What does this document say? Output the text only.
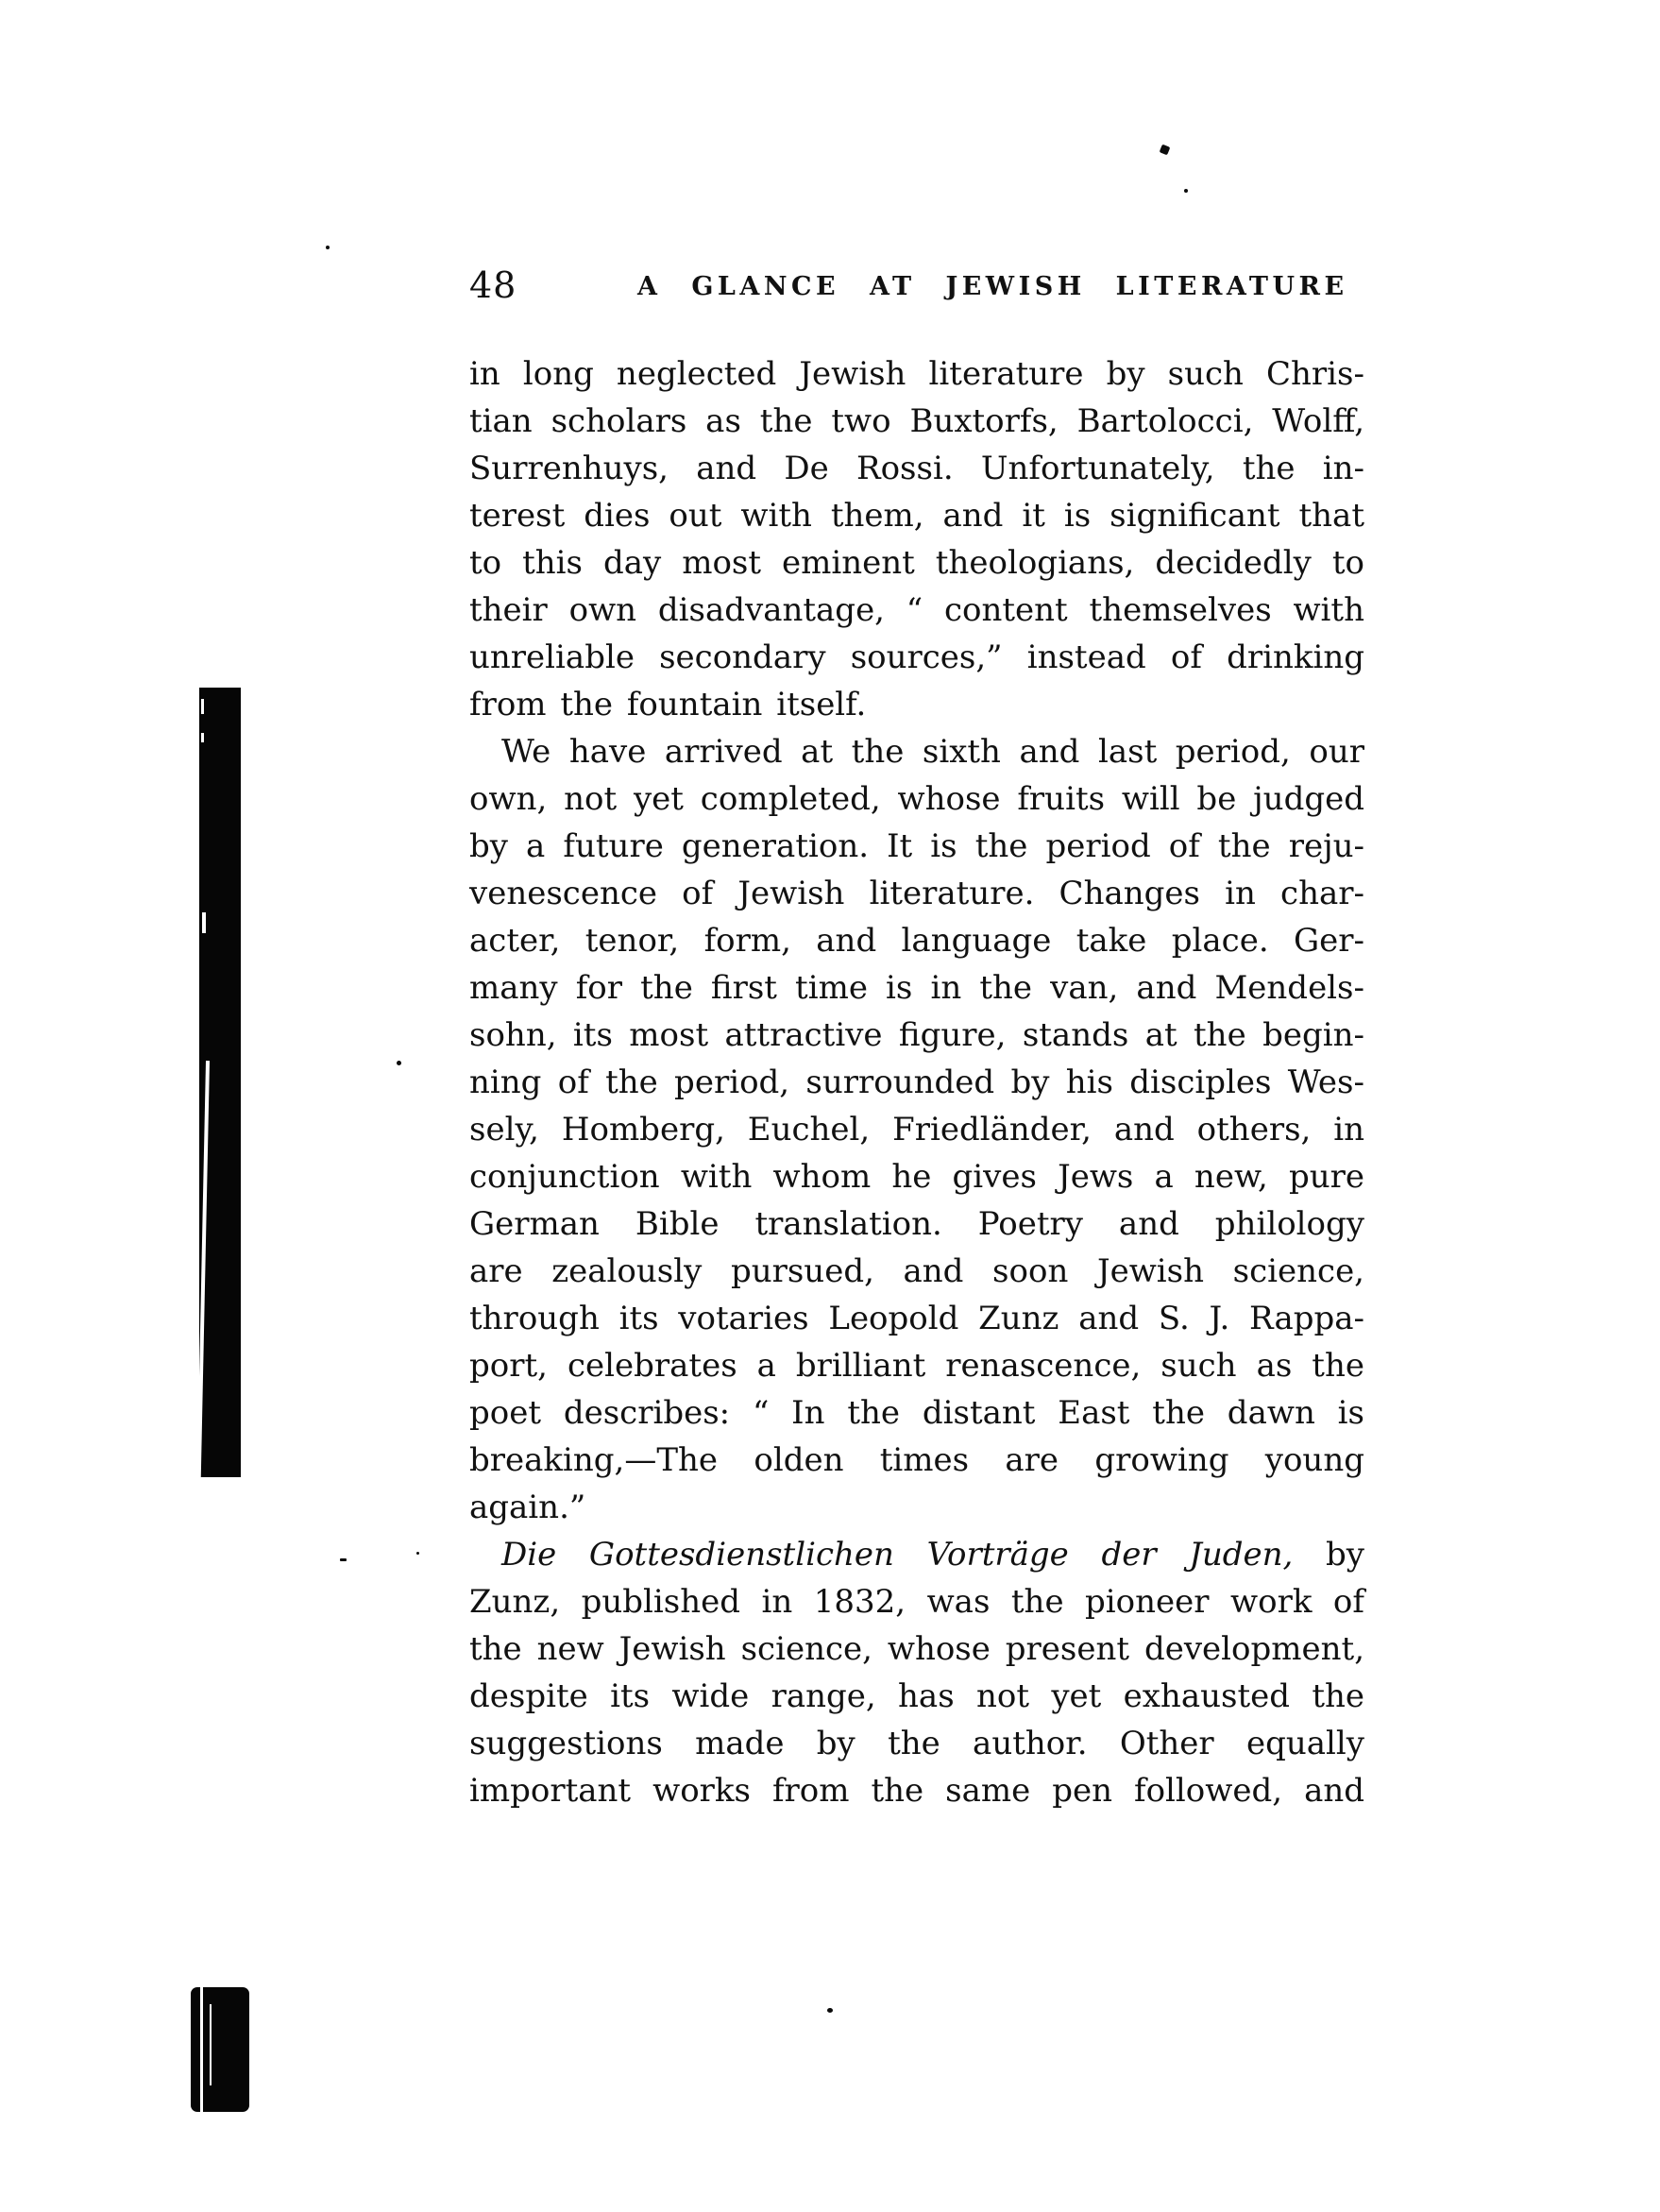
48	A GLANCE AT JEWISH LITERATURE
in long neglected Jewish literature by such Chris-
tian scholars as the two Buxtorfs, Bartolocci, Wolff,
Surrenhuys, and De Rossi. Unfortunately, the in-
terest dies out with them, and it is significant that
to this day most eminent theologians, decidedly to
their own disadvantage, “ content themselves with
unreliable secondary sources,” instead of drinking
from the fountain itself.
We have arrived at the sixth and last period, our
own, not yet completed, whose fruits will be judged
by a future generation. It is the period of the reju-
venescence of Jewish literature. Changes in char-
acter, tenor, form, and language take place. Ger-
many for the first time is in the van, and Mendels-
sohn, its most attractive figure, stands at the begin-
ning of the period, surrounded by his disciples Wes-
sely, Homberg, Euchel, Friedländer, and others, in
conjunction with whom he gives Jews a new, pure
German Bible translation. Poetry and philology
are zealously pursued, and soon Jewish science,
through its votaries Leopold Zunz and S. J. Rappa-
port, celebrates a brilliant renascence, such as the
poet describes: “ In the distant East the dawn is
breaking,—The olden times are growing young
again.”
Die Gottesdienstlichen Vorträge der Juden, by
Zunz, published in 1832, was the pioneer work of
the new Jewish science, whose present development,
despite its wide range, has not yet exhausted the
suggestions made by the author. Other equally
important works from the same pen followed, and
